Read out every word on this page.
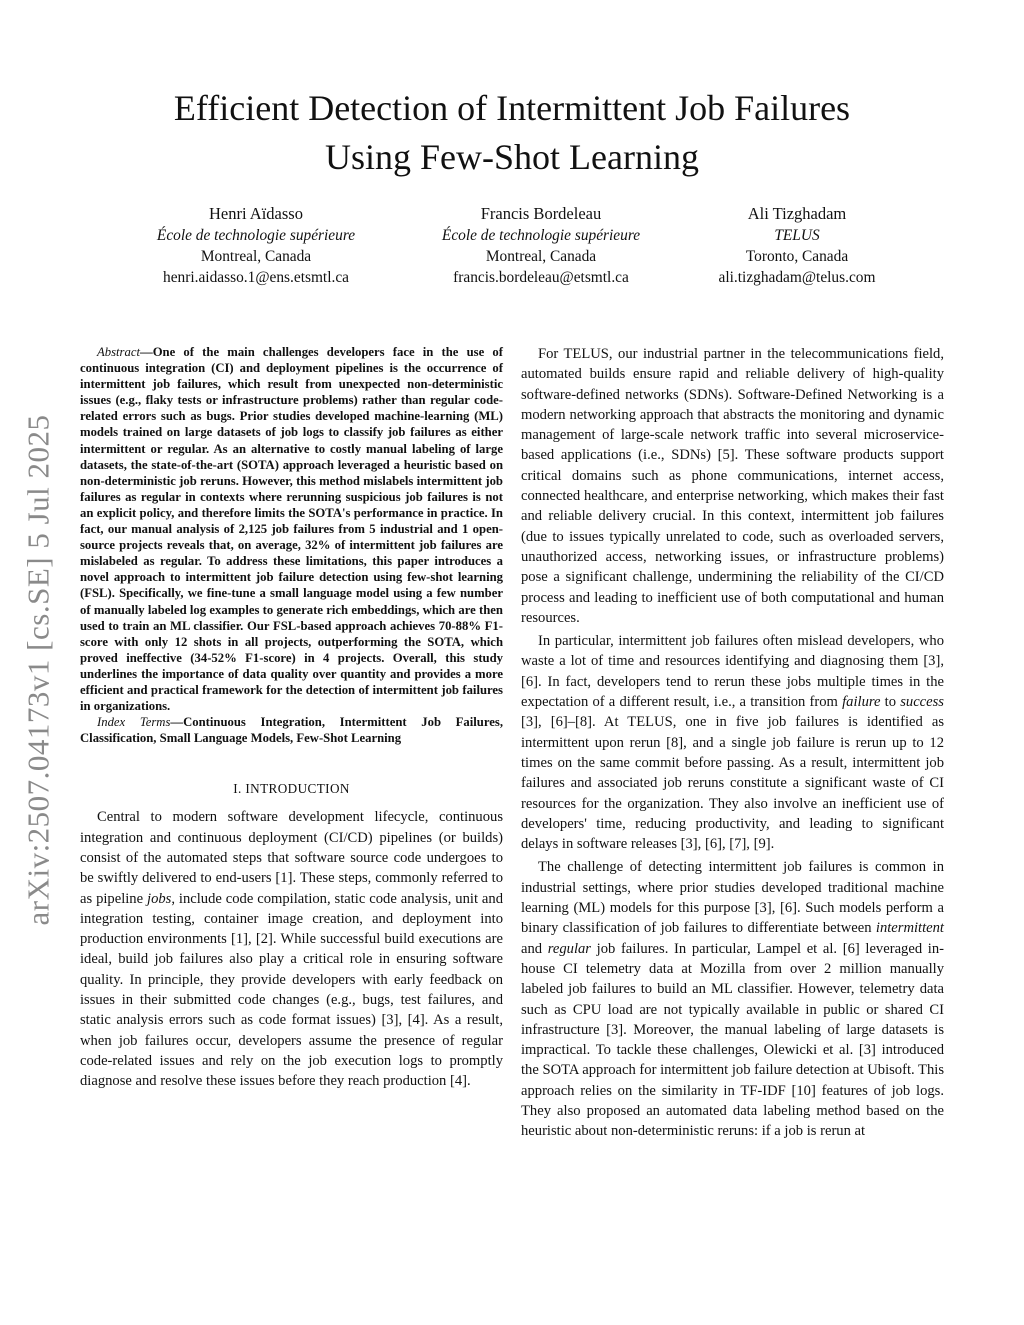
arXiv:2507.04173v1 [cs.SE] 5 Jul 2025
Efficient Detection of Intermittent Job Failures
Using Few-Shot Learning
Henri Aïdasso
École de technologie supérieure
Montreal, Canada
henri.aidasso.1@ens.etsmtl.ca
Francis Bordeleau
École de technologie supérieure
Montreal, Canada
francis.bordeleau@etsmtl.ca
Ali Tizghadam
TELUS
Toronto, Canada
ali.tizghadam@telus.com

Abstract—One of the main challenges developers face in the use of continuous integration (CI) and deployment pipelines is the occurrence of intermittent job failures, which result from unexpected non-deterministic issues (e.g., flaky tests or infrastructure problems) rather than regular code-related errors such as bugs. Prior studies developed machine-learning (ML) models trained on large datasets of job logs to classify job failures as either intermittent or regular. As an alternative to costly manual labeling of large datasets, the state-of-the-art (SOTA) approach leveraged a heuristic based on non-deterministic job reruns. However, this method mislabels intermittent job failures as regular in contexts where rerunning suspicious job failures is not an explicit policy, and therefore limits the SOTA's performance in practice. In fact, our manual analysis of 2,125 job failures from 5 industrial and 1 open-source projects reveals that, on average, 32% of intermittent job failures are mislabeled as regular. To address these limitations, this paper introduces a novel approach to intermittent job failure detection using few-shot learning (FSL). Specifically, we fine-tune a small language model using a few number of manually labeled log examples to generate rich embeddings, which are then used to train an ML classifier. Our FSL-based approach achieves 70-88% F1-score with only 12 shots in all projects, outperforming the SOTA, which proved ineffective (34-52% F1-score) in 4 projects. Overall, this study underlines the importance of data quality over quantity and provides a more efficient and practical framework for the detection of intermittent job failures in organizations.

Index Terms—Continuous Integration, Intermittent Job Failures, Classification, Small Language Models, Few-Shot Learning

I. INTRODUCTION

Central to modern software development lifecycle, continuous integration and continuous deployment (CI/CD) pipelines (or builds) consist of the automated steps that software source code undergoes to be swiftly delivered to end-users [1]. These steps, commonly referred to as pipeline jobs, include code compilation, static code analysis, unit and integration testing, container image creation, and deployment into production environments [1], [2]. While successful build executions are ideal, build job failures also play a critical role in ensuring software quality. In principle, they provide developers with early feedback on issues in their submitted code changes (e.g., bugs, test failures, and static analysis errors such as code format issues) [3], [4]. As a result, when job failures occur, developers assume the presence of regular code-related issues and rely on the job execution logs to promptly diagnose and resolve these issues before they reach production [4].

For TELUS, our industrial partner in the telecommunications field, automated builds ensure rapid and reliable delivery of high-quality software-defined networks (SDNs). Software-Defined Networking is a modern networking approach that abstracts the monitoring and dynamic management of large-scale network traffic into several microservice-based applications (i.e., SDNs) [5]. These software products support critical domains such as phone communications, internet access, connected healthcare, and enterprise networking, which makes their fast and reliable delivery crucial. In this context, intermittent job failures (due to issues typically unrelated to code, such as overloaded servers, unauthorized access, networking issues, or infrastructure problems) pose a significant challenge, undermining the reliability of the CI/CD process and leading to inefficient use of both computational and human resources.

In particular, intermittent job failures often mislead developers, who waste a lot of time and resources identifying and diagnosing them [3], [6]. In fact, developers tend to rerun these jobs multiple times in the expectation of a different result, i.e., a transition from failure to success [3], [6]–[8]. At TELUS, one in five job failures is identified as intermittent upon rerun [8], and a single job failure is rerun up to 12 times on the same commit before passing. As a result, intermittent job failures and associated job reruns constitute a significant waste of CI resources for the organization. They also involve an inefficient use of developers' time, reducing productivity, and leading to significant delays in software releases [3], [6], [7], [9].

The challenge of detecting intermittent job failures is common in industrial settings, where prior studies developed traditional machine learning (ML) models for this purpose [3], [6]. Such models perform a binary classification of job failures to differentiate between intermittent and regular job failures. In particular, Lampel et al. [6] leveraged in-house CI telemetry data at Mozilla from over 2 million manually labeled job failures to build an ML classifier. However, telemetry data such as CPU load are not typically available in public or shared CI infrastructure [3]. Moreover, the manual labeling of large datasets is impractical. To tackle these challenges, Olewicki et al. [3] introduced the SOTA approach for intermittent job failure detection at Ubisoft. This approach relies on the similarity in TF-IDF [10] features of job logs. They also proposed an automated data labeling method based on the heuristic about non-deterministic reruns: if a job is rerun at
